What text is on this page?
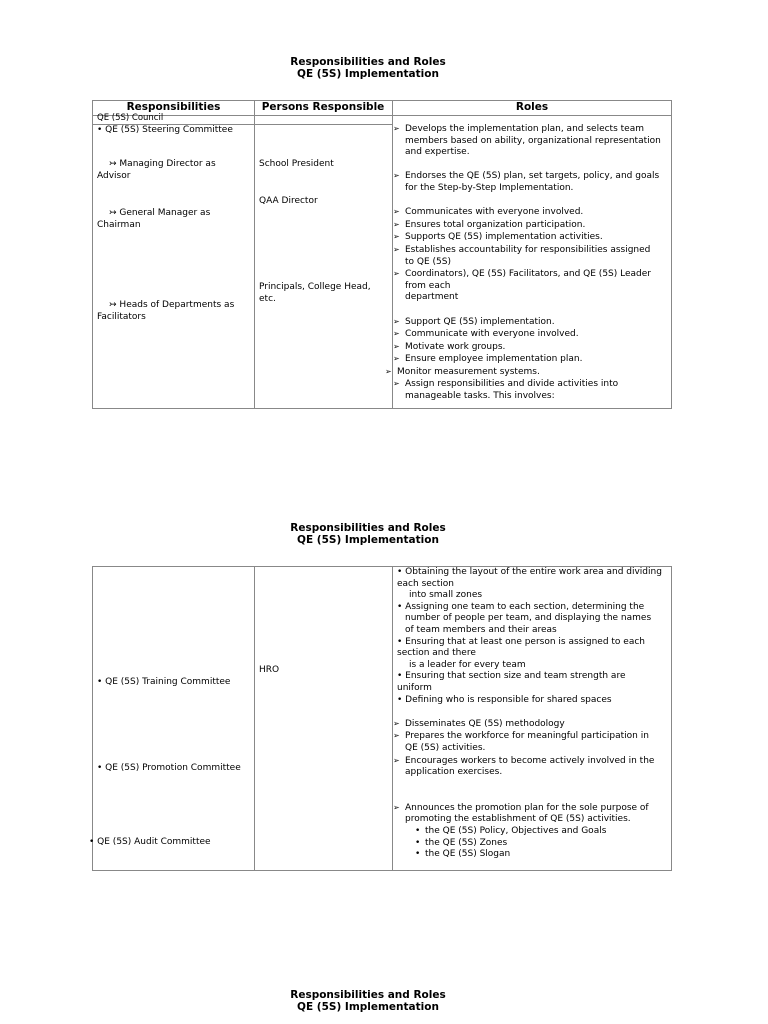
Responsibilities and Roles
QE (5S) Implementation
Responsibilities	Persons Responsible	Roles
QE (5S) Council
• QE (5S) Steering Committee
↣ Managing Director as
Advisor
↣ General Manager as
Chairman
↣ Heads of Departments as
Facilitators
School President
QAA Director
Principals, College Head,
etc.
➢ Develops the implementation plan, and selects team
members based on ability, organizational representation
and expertise.
➢ Endorses the QE (5S) plan, set targets, policy, and goals
for the Step-by-Step Implementation.
➢ Communicates with everyone involved.
➢ Ensures total organization participation.
➢ Supports QE (5S) implementation activities.
➢ Establishes accountability for responsibilities assigned
to QE (5S)
➢ Coordinators), QE (5S) Facilitators, and QE (5S) Leader
from each
department
➢ Support QE (5S) implementation.
➢ Communicate with everyone involved.
➢ Motivate work groups.
➢ Ensure employee implementation plan.
➢ Monitor measurement systems.
➢ Assign responsibilities and divide activities into
manageable tasks. This involves:
Responsibilities and Roles
QE (5S) Implementation
• QE (5S) Training Committee
• QE (5S) Promotion Committee
• QE (5S) Audit Committee
HRO
• Obtaining the layout of the entire work area and dividing
each section
into small zones
• Assigning one team to each section, determining the
number of people per team, and displaying the names
of team members and their areas
• Ensuring that at least one person is assigned to each
section and there
is a leader for every team
• Ensuring that section size and team strength are
uniform
• Defining who is responsible for shared spaces
➢ Disseminates QE (5S) methodology
➢ Prepares the workforce for meaningful participation in
QE (5S) activities.
➢ Encourages workers to become actively involved in the
application exercises.
➢ Announces the promotion plan for the sole purpose of
promoting the establishment of QE (5S) activities.
• the QE (5S) Policy, Objectives and Goals
• the QE (5S) Zones
• the QE (5S) Slogan
Responsibilities and Roles
QE (5S) Implementation
